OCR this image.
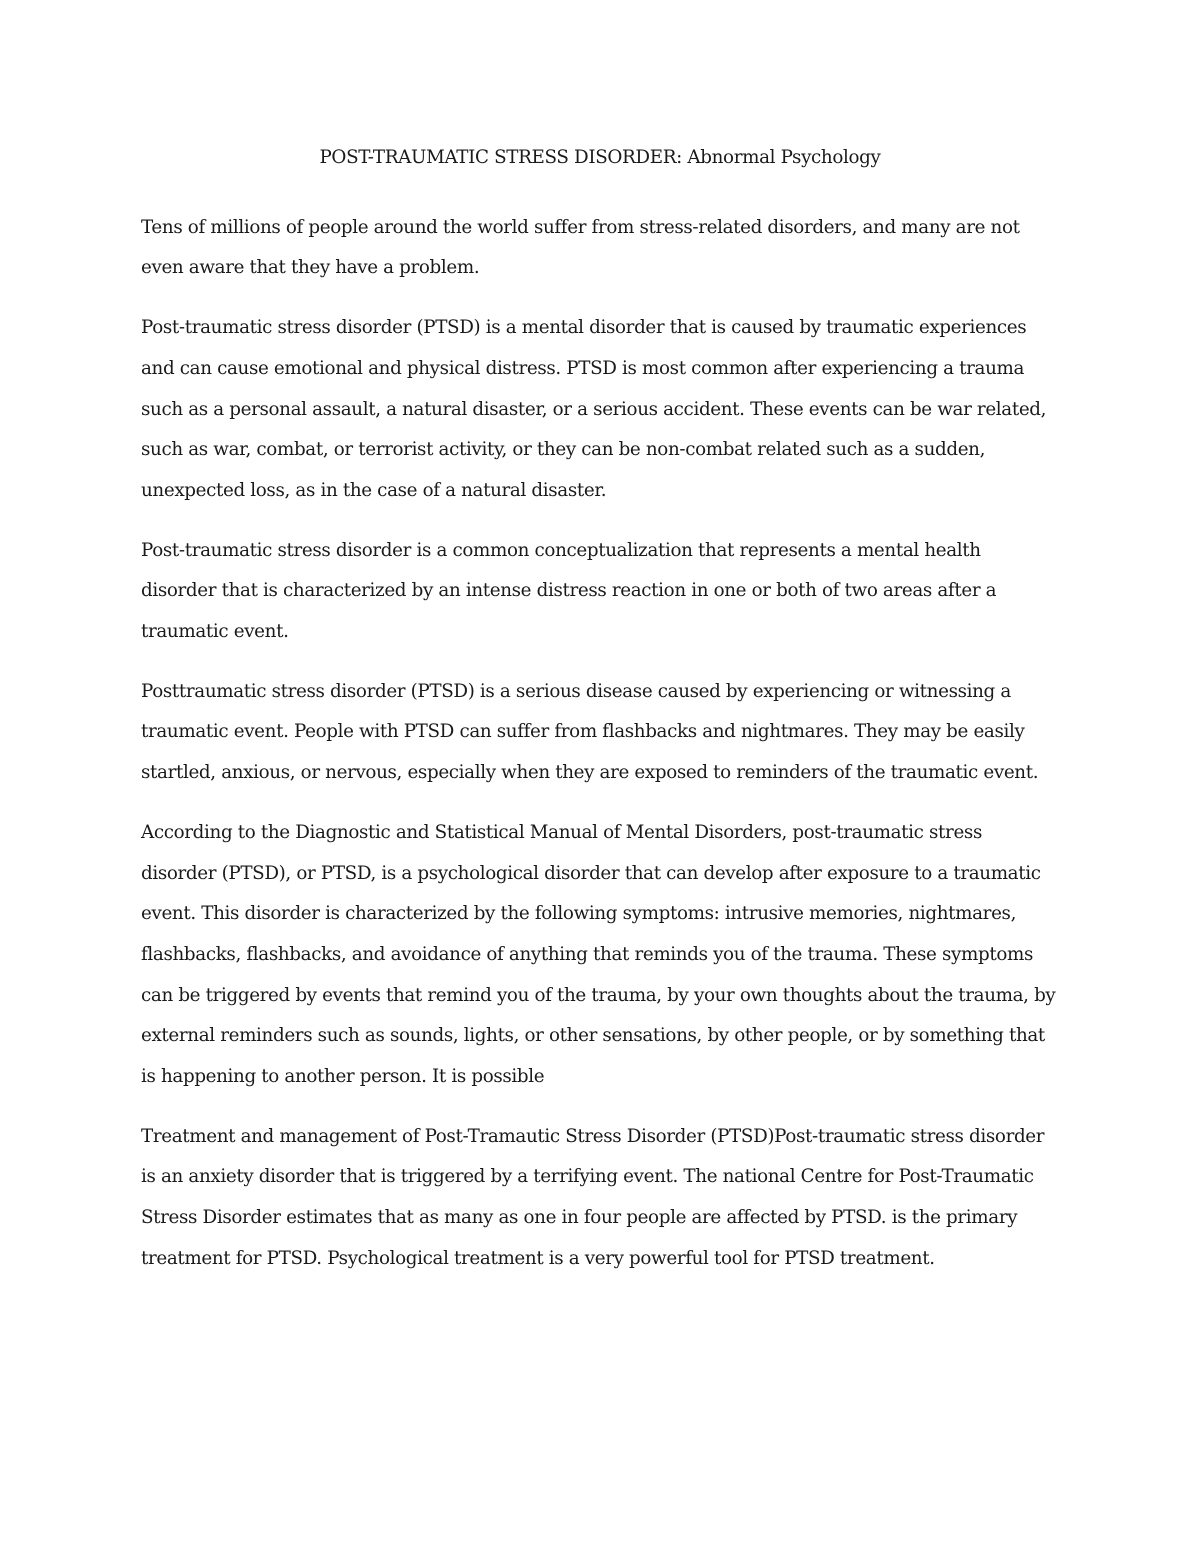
POST-TRAUMATIC STRESS DISORDER: Abnormal Psychology

Tens of millions of people around the world suffer from stress-related disorders, and many are not even aware that they have a problem.

Post-traumatic stress disorder (PTSD) is a mental disorder that is caused by traumatic experiences and can cause emotional and physical distress. PTSD is most common after experiencing a trauma such as a personal assault, a natural disaster, or a serious accident. These events can be war related, such as war, combat, or terrorist activity, or they can be non-combat related such as a sudden, unexpected loss, as in the case of a natural disaster.

Post-traumatic stress disorder is a common conceptualization that represents a mental health disorder that is characterized by an intense distress reaction in one or both of two areas after a traumatic event.

Posttraumatic stress disorder (PTSD) is a serious disease caused by experiencing or witnessing a traumatic event. People with PTSD can suffer from flashbacks and nightmares. They may be easily startled, anxious, or nervous, especially when they are exposed to reminders of the traumatic event.

According to the Diagnostic and Statistical Manual of Mental Disorders, post-traumatic stress disorder (PTSD), or PTSD, is a psychological disorder that can develop after exposure to a traumatic event. This disorder is characterized by the following symptoms: intrusive memories, nightmares, flashbacks, flashbacks, and avoidance of anything that reminds you of the trauma. These symptoms can be triggered by events that remind you of the trauma, by your own thoughts about the trauma, by external reminders such as sounds, lights, or other sensations, by other people, or by something that is happening to another person. It is possible

Treatment and management of Post-Tramautic Stress Disorder (PTSD)Post-traumatic stress disorder is an anxiety disorder that is triggered by a terrifying event. The national Centre for Post-Traumatic Stress Disorder estimates that as many as one in four people are affected by PTSD. is the primary treatment for PTSD. Psychological treatment is a very powerful tool for PTSD treatment.
